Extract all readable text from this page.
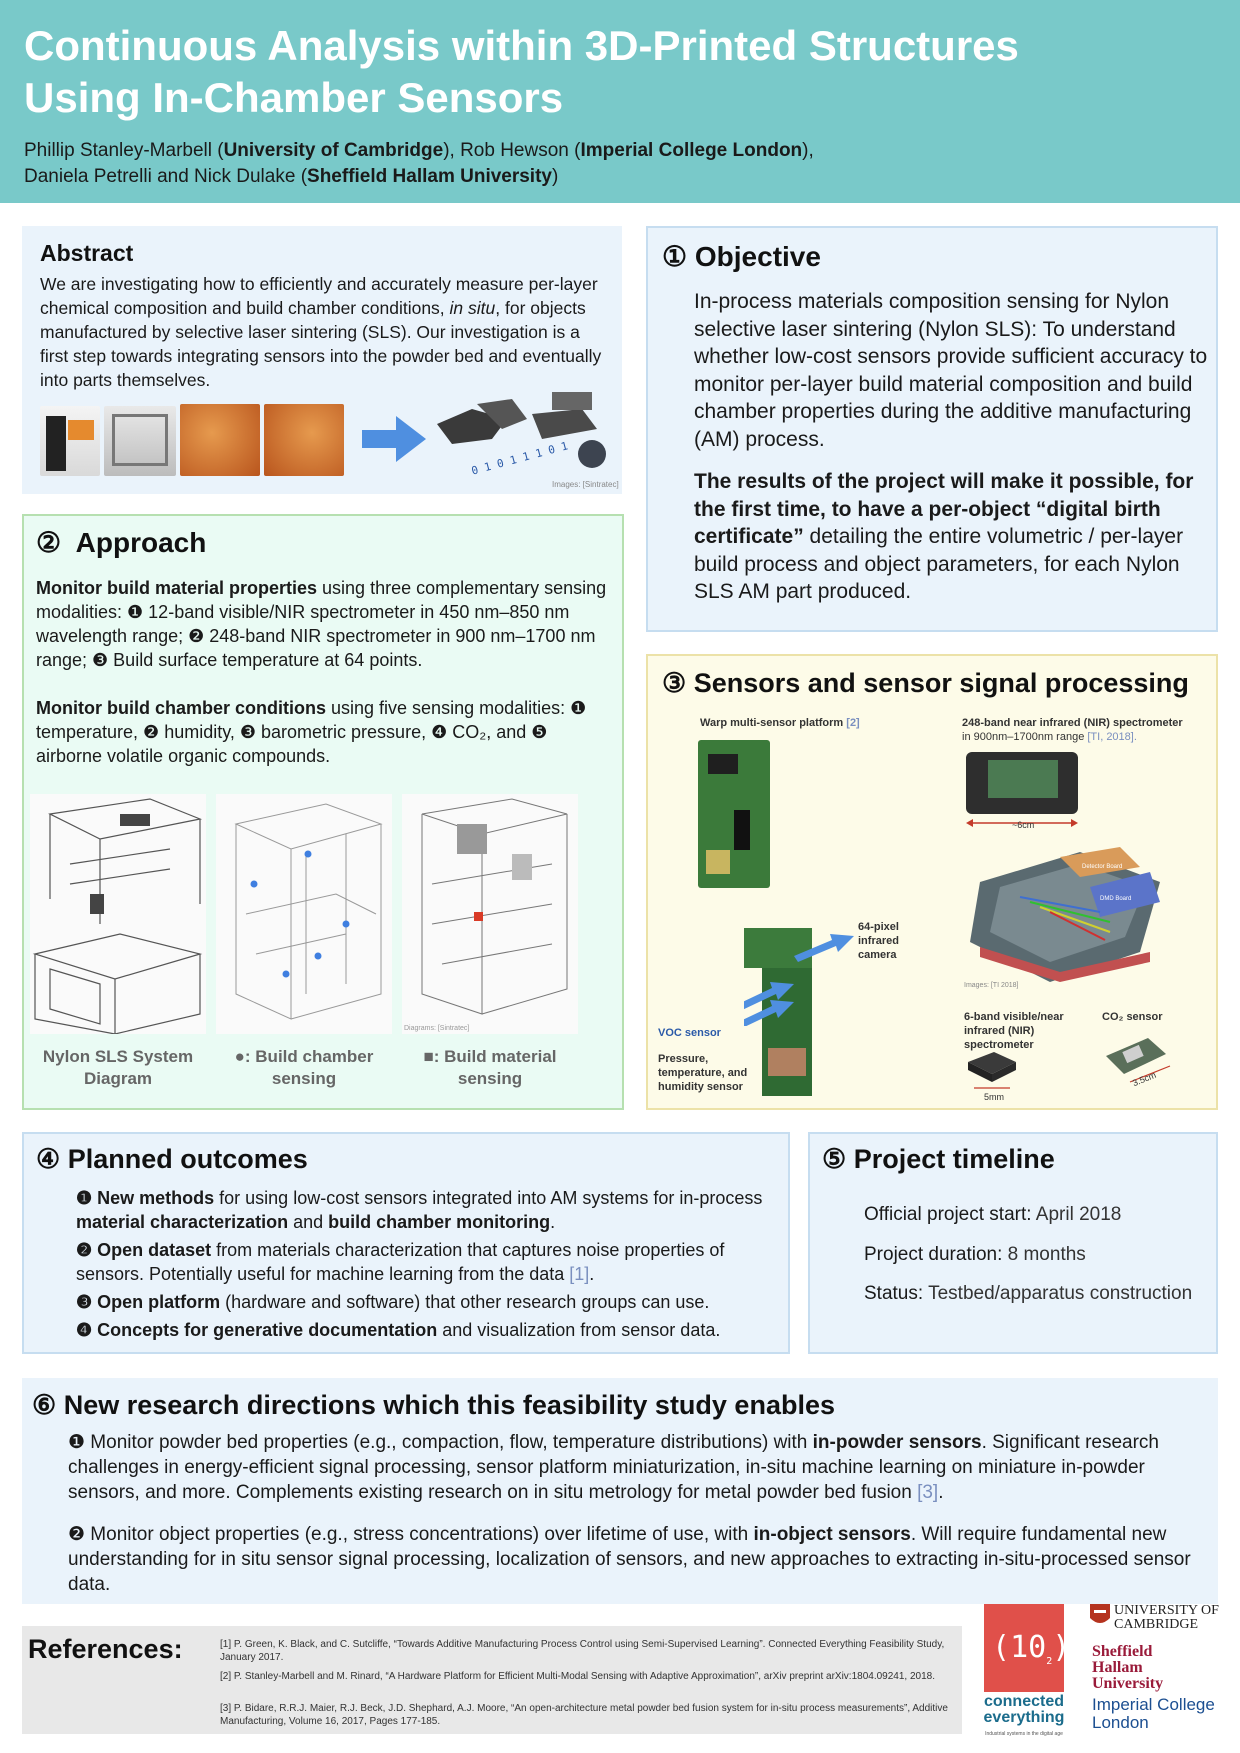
Continuous Analysis within 3D-Printed Structures
Using In-Chamber Sensors
Phillip Stanley-Marbell (University of Cambridge), Rob Hewson (Imperial College London),
Daniela Petrelli and Nick Dulake (Sheffield Hallam University)
Abstract
We are investigating how to efficiently and accurately measure per-layer chemical composition and build chamber conditions, in situ, for objects manufactured by selective laser sintering (SLS). Our investigation is a first step towards integrating sensors into the powder bed and eventually into parts themselves.
0 1 0 1 1 1 0 1
Images: [Sintratec]
① Objective
In-process materials composition sensing for Nylon selective laser sintering (Nylon SLS): To understand whether low-cost sensors provide sufficient accuracy to monitor per-layer build material composition and build chamber properties during the additive manufacturing (AM) process.
The results of the project will make it possible, for the first time, to have a per-object “digital birth certificate” detailing the entire volumetric / per-layer build process and object parameters, for each Nylon SLS AM part produced.
② Approach
Monitor build material properties using three complementary sensing modalities: ❶ 12-band visible/NIR spectrometer in 450 nm–850 nm wavelength range; ❷ 248-band NIR spectrometer in 900 nm–1700 nm range; ❸ Build surface temperature at 64 points.
Monitor build chamber conditions using five sensing modalities: ❶ temperature, ❷ humidity, ❸ barometric pressure, ❹ CO₂, and ❺ airborne volatile organic compounds.
Diagrams: [Sintratec]
Nylon SLS System Diagram
●: Build chamber sensing
■: Build material sensing
③ Sensors and sensor signal processing
Warp multi-sensor platform [2]	248-band near infrared (NIR) spectrometer
in 900nm–1700nm range [TI, 2018].
~6cm
DMD Board
Detector Board
Images: [TI 2018]
64-pixel infrared camera
VOC sensor
Pressure, temperature, and humidity sensor
6-band visible/near infrared (NIR) spectrometer
CO₂ sensor
5mm
3.5cm
④ Planned outcomes
❶ New methods for using low-cost sensors integrated into AM systems for in-process material characterization and build chamber monitoring.
❷ Open dataset from materials characterization that captures noise properties of sensors. Potentially useful for machine learning from the data [1].
❸ Open platform (hardware and software) that other research groups can use.
❹ Concepts for generative documentation and visualization from sensor data.
⑤ Project timeline
Official project start: April 2018
Project duration: 8 months
Status: Testbed/apparatus construction
⑥ New research directions which this feasibility study enables
❶ Monitor powder bed properties (e.g., compaction, flow, temperature distributions) with in-powder sensors. Significant research challenges in energy-efficient signal processing, sensor platform miniaturization, in-situ machine learning on miniature in-powder sensors, and more. Complements existing research on in situ metrology for metal powder bed fusion [3].
❷ Monitor object properties (e.g., stress concentrations) over lifetime of use, with in-object sensors. Will require fundamental new understanding for in situ sensor signal processing, localization of sensors, and new approaches to extracting in-situ-processed sensor data.
References:	[1] P. Green, K. Black, and C. Sutcliffe, “Towards Additive Manufacturing Process Control using Semi-Supervised Learning”. Connected Everything Feasibility Study, January 2017.
[2] P. Stanley-Marbell and M. Rinard, “A Hardware Platform for Efficient Multi-Modal Sensing with Adaptive Approximation”, arXiv preprint arXiv:1804.09241, 2018.
[3] P. Bidare, R.R.J. Maier, R.J. Beck, J.D. Shephard, A.J. Moore, “An open-architecture metal powder bed fusion system for in-situ process measurements”, Additive Manufacturing, Volume 16, 2017, Pages 177-185.
$(10_2)$
connected
everything
Industrial systems in the digital age
UNIVERSITY OF
CAMBRIDGE
Sheffield
Hallam
University
Imperial College
London
